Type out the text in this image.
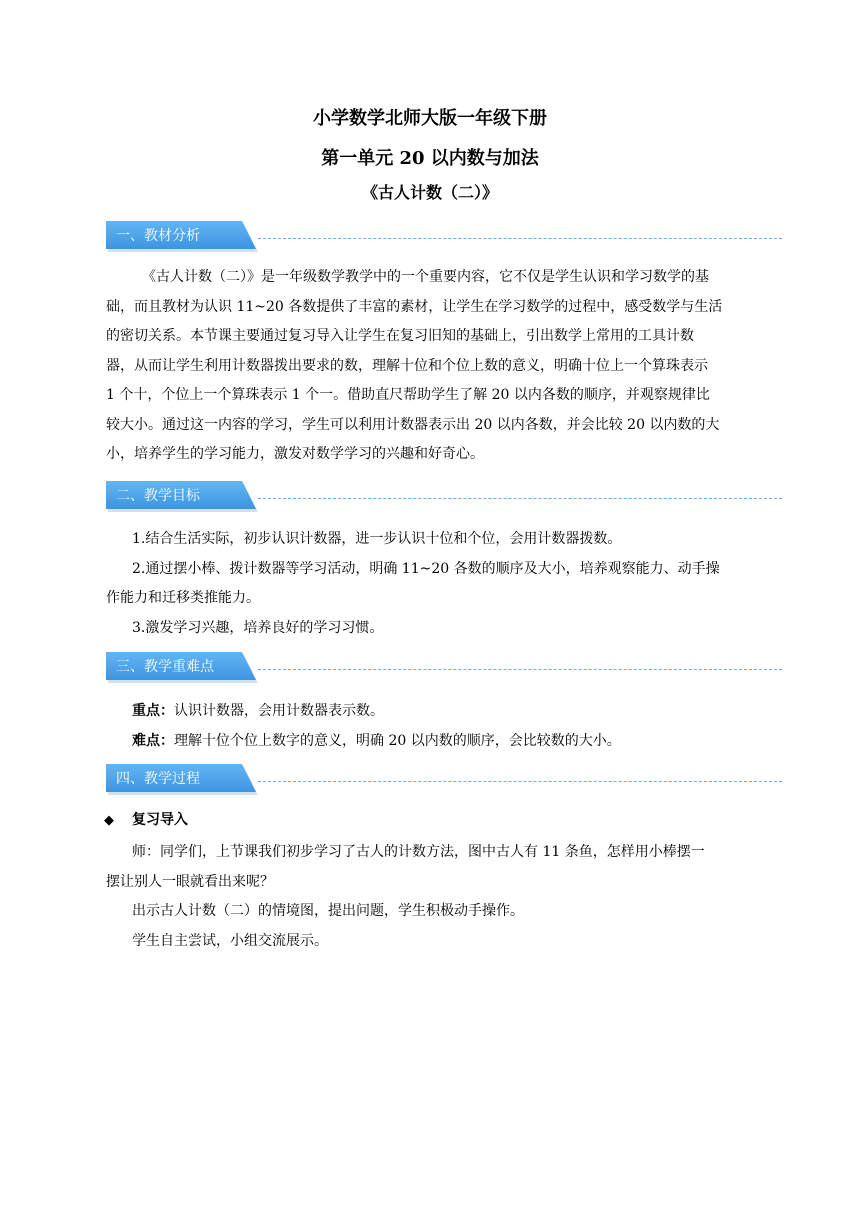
小学数学北师大版一年级下册
第一单元 20 以内数与加法
《古人计数（二）》
一、教材分析
《古人计数（二）》是一年级数学教学中的一个重要内容，它不仅是学生认识和学习数学的基
础，而且教材为认识 11~20 各数提供了丰富的素材，让学生在学习数学的过程中，感受数学与生活
的密切关系。本节课主要通过复习导入让学生在复习旧知的基础上，引出数学上常用的工具计数
器，从而让学生利用计数器拨出要求的数，理解十位和个位上数的意义，明确十位上一个算珠表示
1 个十，个位上一个算珠表示 1 个一。借助直尺帮助学生了解 20 以内各数的顺序，并观察规律比
较大小。通过这一内容的学习，学生可以利用计数器表示出 20 以内各数，并会比较 20 以内数的大
小，培养学生的学习能力，激发对数学学习的兴趣和好奇心。
二、教学目标
1.结合生活实际，初步认识计数器，进一步认识十位和个位，会用计数器拨数。
2.通过摆小棒、拨计数器等学习活动，明确 11~20 各数的顺序及大小，培养观察能力、动手操
作能力和迁移类推能力。
3.激发学习兴趣，培养良好的学习习惯。
三、教学重难点
重点：认识计数器，会用计数器表示数。
难点：理解十位个位上数字的意义，明确 20 以内数的顺序，会比较数的大小。
四、教学过程
◆ 复习导入
师：同学们，上节课我们初步学习了古人的计数方法，图中古人有 11 条鱼，怎样用小棒摆一
摆让别人一眼就看出来呢？
出示古人计数（二）的情境图，提出问题，学生积极动手操作。
学生自主尝试，小组交流展示。
